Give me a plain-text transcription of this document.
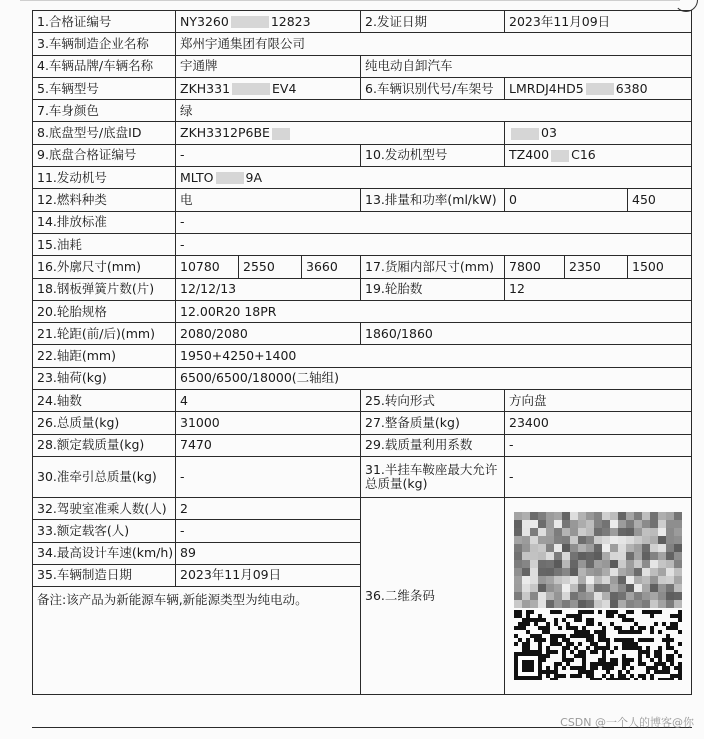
1.合格证编号	NY3260 12823			2.发证日期	2023年11月09日		
3.车辆制造企业名称	郑州宇通集团有限公司						
4.车辆品牌/车辆名称	宇通牌			纯电动自卸汽车			
5.车辆型号	ZKH331 EV4			6.车辆识别代号/车架号	LMRDJ4HD5 6380		
7.车身颜色	绿						
8.底盘型号/底盘ID	ZKH3312P6BE				03		
9.底盘合格证编号	-			10.发动机型号	TZ400 C16		
11.发动机号	MLTO 9A						
12.燃料种类	电			13.排量和功率(ml/kW)	0		450
14.排放标准	-						
15.油耗	-						
16.外廓尺寸(mm)	10780	2550	3660	17.货厢内部尺寸(mm)	7800	2350	1500
18.钢板弹簧片数(片)	12/12/13			19.轮胎数	12		
20.轮胎规格	12.00R20 18PR						
21.轮距(前/后)(mm)	2080/2080			1860/1860			
22.轴距(mm)	1950+4250+1400						
23.轴荷(kg)	6500/6500/18000(二轴组)						
24.轴数	4			25.转向形式	方向盘		
26.总质量(kg)	31000			27.整备质量(kg)	23400		
28.额定载质量(kg)	7470			29.载质量利用系数	-		
30.准牵引总质量(kg)	-			31.半挂车鞍座最大允许总质量(kg)	-		
32.驾驶室准乘人数(人)	2			36.二维条码	
33.额定载客(人)	-						
34.最高设计车速(km/h)	89						
35.车辆制造日期	2023年11月09日						
备注:该产品为新能源车辆,新能源类型为纯电动。							
CSDN @一个人的博客@你
